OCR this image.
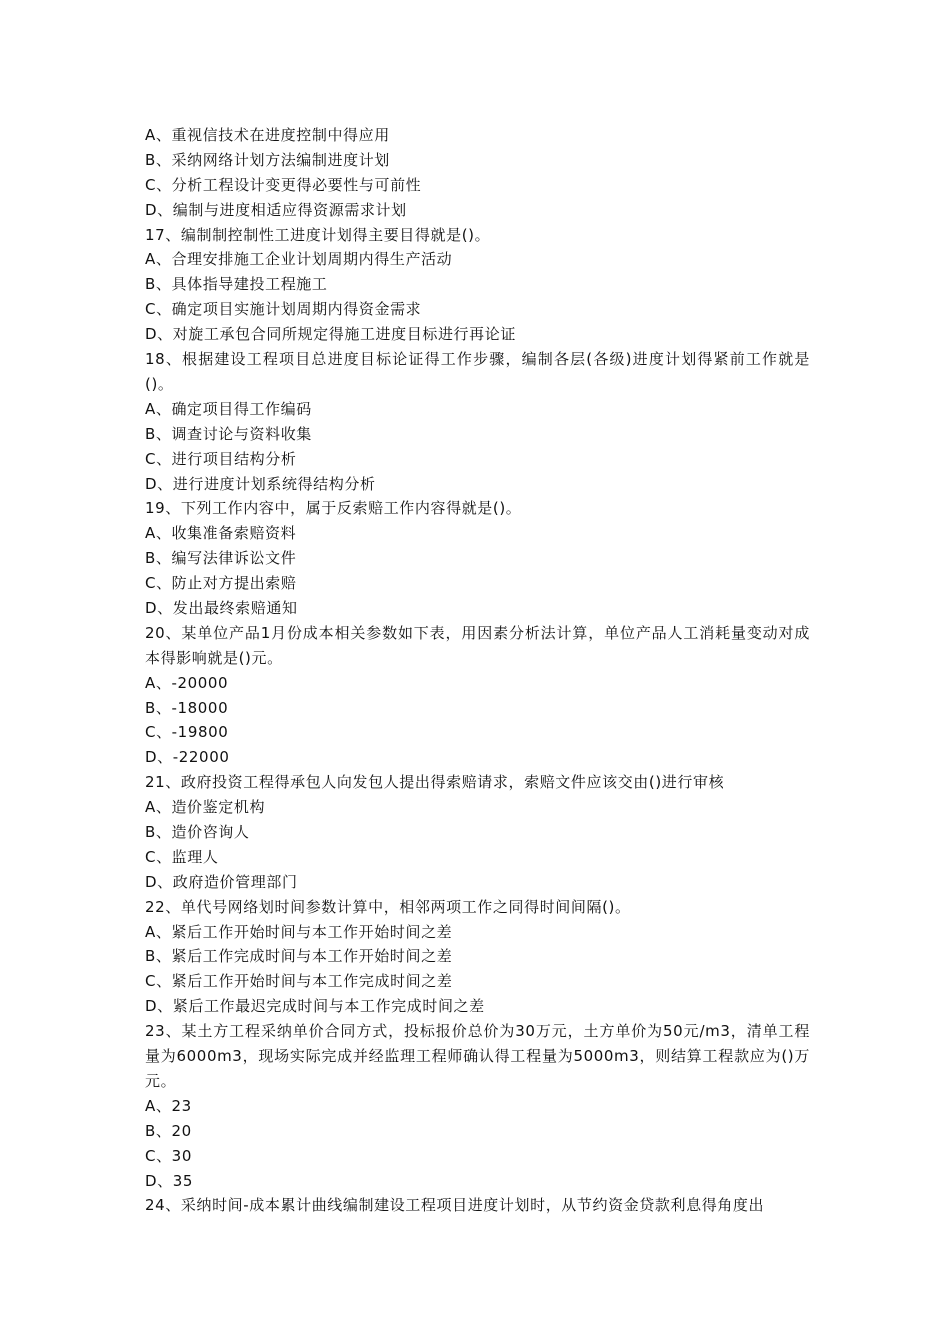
A、重视信技术在进度控制中得应用
B、采纳网络计划方法编制进度计划
C、分析工程设计变更得必要性与可前性
D、编制与进度相适应得资源需求计划
17、编制制控制性工进度计划得主要目得就是()。
A、合理安排施工企业计划周期内得生产活动
B、具体指导建投工程施工
C、确定项目实施计划周期内得资金需求
D、对旋工承包合同所规定得施工进度目标进行再论证
18、根据建设工程项目总进度目标论证得工作步骤，编制各层(各级)进度计划得紧前工作就是()。
A、确定项目得工作编码
B、调查讨论与资料收集
C、进行项目结构分析
D、进行进度计划系统得结构分析
19、下列工作内容中，属于反索赔工作内容得就是()。
A、收集准备索赔资料
B、编写法律诉讼文件
C、防止对方提出索赔
D、发出最终索赔通知
20、某单位产品1月份成本相关参数如下表，用因素分析法计算，单位产品人工消耗量变动对成本得影响就是()元。
A、-20000
B、-18000
C、-19800
D、-22000
21、政府投资工程得承包人向发包人提出得索赔请求，索赔文件应该交由()进行审核
A、造价鉴定机构
B、造价咨询人
C、监理人
D、政府造价管理部门
22、单代号网络划时间参数计算中，相邻两项工作之同得时间间隔()。
A、紧后工作开始时间与本工作开始时间之差
B、紧后工作完成时间与本工作开始时间之差
C、紧后工作开始时间与本工作完成时间之差
D、紧后工作最迟完成时间与本工作完成时间之差
23、某土方工程采纳单价合同方式，投标报价总价为30万元，土方单价为50元/m3，清单工程量为6000m3，现场实际完成并经监理工程师确认得工程量为5000m3，则结算工程款应为()万元。
A、23
B、20
C、30
D、35
24、采纳时间-成本累计曲线编制建设工程项目进度计划时，从节约资金贷款利息得角度出
